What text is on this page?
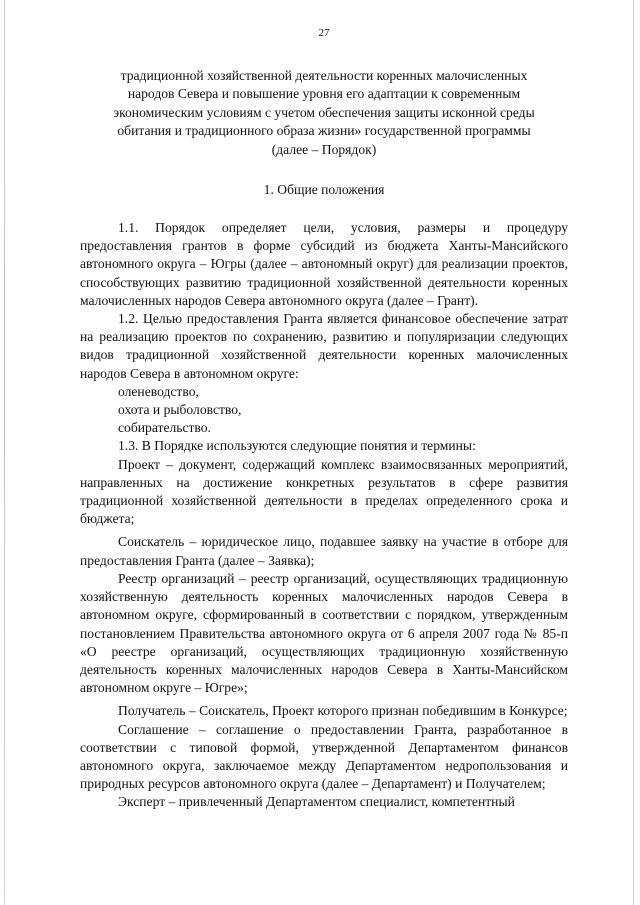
27
традиционной хозяйственной деятельности коренных малочисленных
народов Севера и повышение уровня его адаптации к современным
экономическим условиям с учетом обеспечения защиты исконной среды
обитания и традиционного образа жизни» государственной программы
(далее – Порядок)
1. Общие положения

1.1. Порядок определяет цели, условия, размеры и процедуру предоставления грантов в форме субсидий из бюджета Ханты-Мансийского автономного округа – Югры (далее – автономный округ) для реализации проектов, способствующих развитию традиционной хозяйственной деятельности коренных малочисленных народов Севера автономного округа (далее – Грант).

1.2. Целью предоставления Гранта является финансовое обеспечение затрат на реализацию проектов по сохранению, развитию и популяризации следующих видов традиционной хозяйственной деятельности коренных малочисленных народов Севера в автономном округе:

оленеводство,

охота и рыболовство,

собирательство.

1.3. В Порядке используются следующие понятия и термины:

Проект – документ, содержащий комплекс взаимосвязанных мероприятий, направленных на достижение конкретных результатов в сфере развития традиционной хозяйственной деятельности в пределах определенного срока и бюджета;

Соискатель – юридическое лицо, подавшее заявку на участие в отборе для предоставления Гранта (далее – Заявка);

Реестр организаций – реестр организаций, осуществляющих традиционную хозяйственную деятельность коренных малочисленных народов Севера в автономном округе, сформированный в соответствии с порядком, утвержденным постановлением Правительства автономного округа от 6 апреля 2007 года № 85-п «О реестре организаций, осуществляющих традиционную хозяйственную деятельность коренных малочисленных народов Севера в Ханты-Мансийском автономном округе – Югре»;

Получатель – Соискатель, Проект которого признан победившим в Конкурсе;

Соглашение – соглашение о предоставлении Гранта, разработанное в соответствии с типовой формой, утвержденной Департаментом финансов автономного округа, заключаемое между Департаментом недропользования и природных ресурсов автономного округа (далее – Департамент) и Получателем;

Эксперт – привлеченный Департаментом специалист, компетентный
